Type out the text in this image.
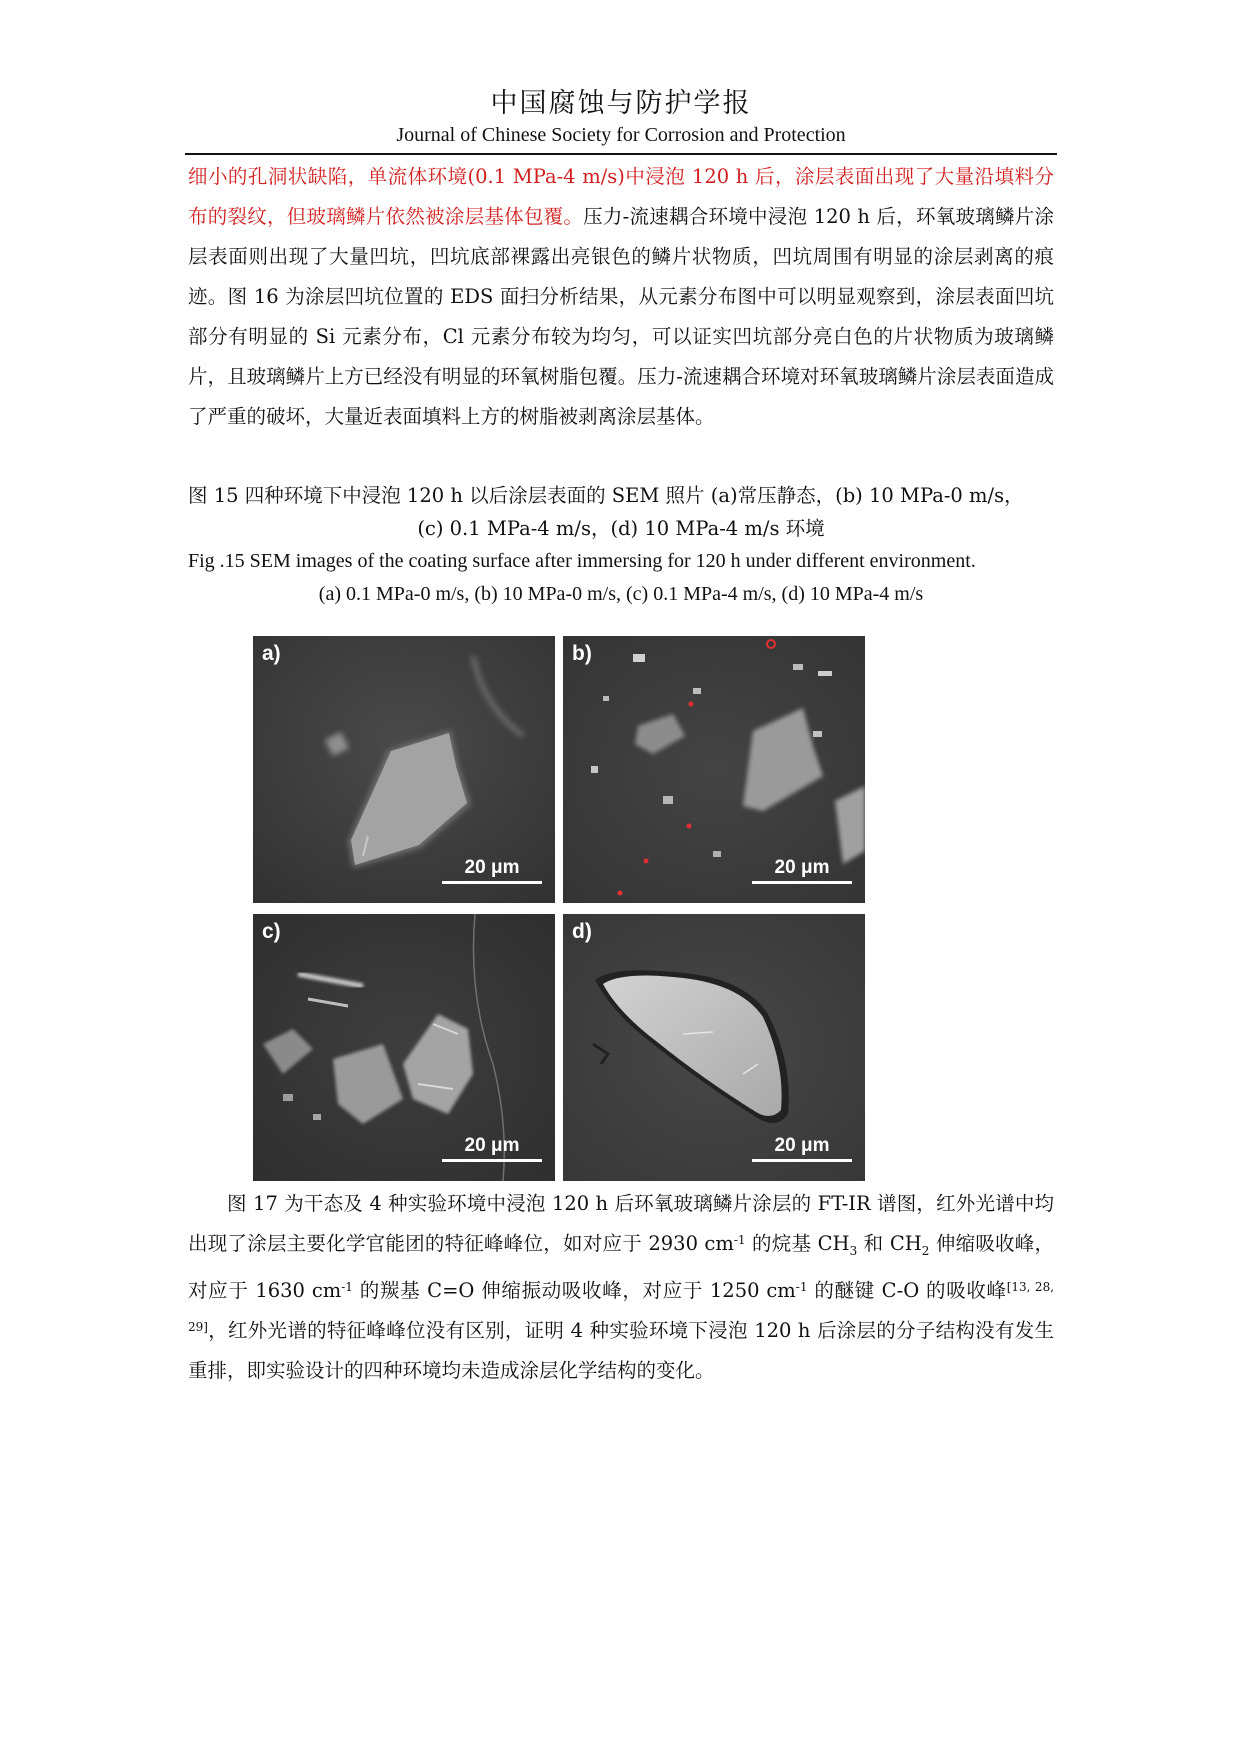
中国腐蚀与防护学报
Journal of Chinese Society for Corrosion and Protection

细小的孔洞状缺陷，单流体环境(0.1 MPa-4 m/s)中浸泡 120 h 后，涂层表面出现了大量沿填料分布的裂纹，但玻璃鳞片依然被涂层基体包覆。压力-流速耦合环境中浸泡 120 h 后，环氧玻璃鳞片涂层表面则出现了大量凹坑，凹坑底部裸露出亮银色的鳞片状物质，凹坑周围有明显的涂层剥离的痕迹。图 16 为涂层凹坑位置的 EDS 面扫分析结果，从元素分布图中可以明显观察到，涂层表面凹坑部分有明显的 Si 元素分布，Cl 元素分布较为均匀，可以证实凹坑部分亮白色的片状物质为玻璃鳞片，且玻璃鳞片上方已经没有明显的环氧树脂包覆。压力-流速耦合环境对环氧玻璃鳞片涂层表面造成了严重的破坏，大量近表面填料上方的树脂被剥离涂层基体。

图 15 四种环境下中浸泡 120 h 以后涂层表面的 SEM 照片 (a)常压静态，(b) 10 MPa-0 m/s，
(c) 0.1 MPa-4 m/s，(d) 10 MPa-4 m/s 环境
Fig .15 SEM images of the coating surface after immersing for 120 h under different environment.
(a) 0.1 MPa-0 m/s, (b) 10 MPa-0 m/s, (c) 0.1 MPa-4 m/s, (d) 10 MPa-4 m/s
a)
20 μm
b)
20 μm
c)
20 μm
d)
20 μm

图 17 为干态及 4 种实验环境中浸泡 120 h 后环氧玻璃鳞片涂层的 FT-IR 谱图，红外光谱中均出现了涂层主要化学官能团的特征峰峰位，如对应于 2930 $cm^{-1}$ 的烷基 $CH_3$ 和 $CH_2$ 伸缩吸收峰，对应于 1630 $cm^{-1}$ 的羰基 C=O 伸缩振动吸收峰，对应于 1250 $cm^{-1}$ 的醚键 C-O 的吸收峰[13, 28, 29]，红外光谱的特征峰峰位没有区别，证明 4 种实验环境下浸泡 120 h 后涂层的分子结构没有发生重排，即实验设计的四种环境均未造成涂层化学结构的变化。
